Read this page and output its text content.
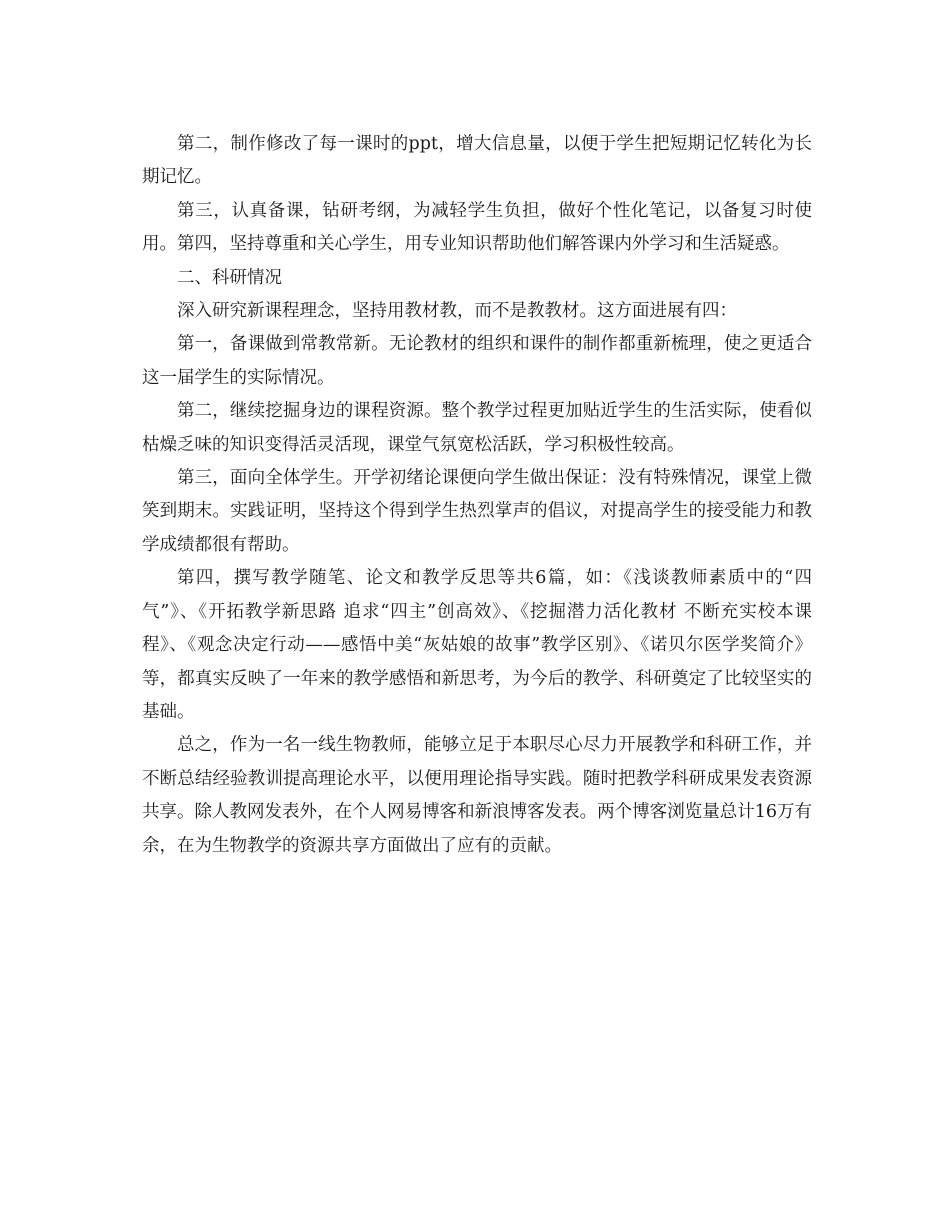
第二，制作修改了每一课时的ppt，增大信息量，以便于学生把短期记忆转化为长期记忆。

第三，认真备课，钻研考纲，为减轻学生负担，做好个性化笔记，以备复习时使用。第四，坚持尊重和关心学生，用专业知识帮助他们解答课内外学习和生活疑惑。

二、科研情况

深入研究新课程理念，坚持用教材教，而不是教教材。这方面进展有四：

第一，备课做到常教常新。无论教材的组织和课件的制作都重新梳理，使之更适合这一届学生的实际情况。

第二，继续挖掘身边的课程资源。整个教学过程更加贴近学生的生活实际，使看似枯燥乏味的知识变得活灵活现，课堂气氛宽松活跃，学习积极性较高。

第三，面向全体学生。开学初绪论课便向学生做出保证：没有特殊情况，课堂上微笑到期末。实践证明，坚持这个得到学生热烈掌声的倡议，对提高学生的接受能力和教学成绩都很有帮助。

第四，撰写教学随笔、论文和教学反思等共6篇，如：《浅谈教师素质中的“四气”》、《开拓教学新思路 追求“四主”创高效》、《挖掘潜力活化教材 不断充实校本课程》、《观念决定行动——感悟中美“灰姑娘的故事”教学区别》、《诺贝尔医学奖简介》等，都真实反映了一年来的教学感悟和新思考，为今后的教学、科研奠定了比较坚实的基础。

总之，作为一名一线生物教师，能够立足于本职尽心尽力开展教学和科研工作，并不断总结经验教训提高理论水平，以便用理论指导实践。随时把教学科研成果发表资源共享。除人教网发表外，在个人网易博客和新浪博客发表。两个博客浏览量总计16万有余，在为生物教学的资源共享方面做出了应有的贡献。
